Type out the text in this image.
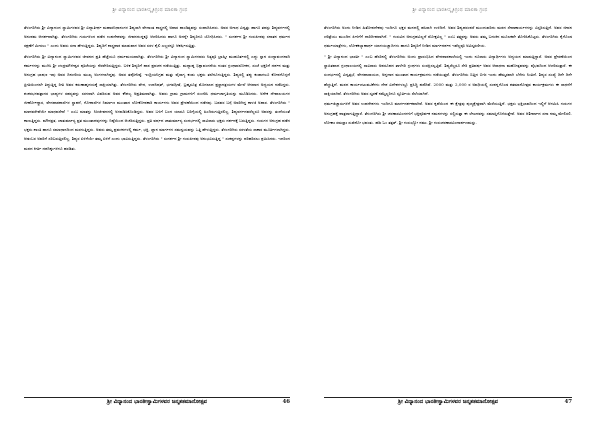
ಶ್ರೀ ವಿದ್ಯಾನಂದ ಭಾರತೀಸ್ಮೃತಿಗ್ರಂಥ ಮಾಲಿಕಾ ಗ್ರಂಥ

ತೆಳಂಗರಿಗಿರು ಶ್ರೀ ವಿದ್ಯಾನಂದ ಸ್ವಾಮಿಗಳವರ ಶ್ರೀ ವಿದ್ಯಾತೀರ್ಥ ಮಹಾಸನಿಧಾನಂಗಳ ಶಿಷ್ಯರಾಗಿ ವೇದಾಂತ ಶಾಸ್ತ್ರದಲ್ಲಿ ಅಪಾರ ಪಾಂಡಿತ್ಯವನ್ನು ಸಂಪಾದಿಸಿದರು. ಅವರ ಅಗಾಧ ವಿದ್ವತ್ತು ಹಾಗೂ ತಪಸ್ಸು ಶಿಷ್ಯವರ್ಗದಲ್ಲಿ ಅನುಪಮ ಆದರ್ಶವಾಗಿತ್ತು. ತೆಳಂಗರಿಗಿರು ಗುರುಗಳಿಂದ ಪಡೆದ ಉಪದೇಶವನ್ನು ಜೀವನದುದ್ದಕ್ಕೂ ಆಚರಿಸಿದರು ಹಾಗೂ ಅದನ್ನೇ ಶಿಷ್ಯರಿಗೂ ಬೋಧಿಸಿದರು. " ಸುದರ್ಶನ ಶ್ರೀ ಗುರುಪೀಠವು ಸನಾತನ ಧರ್ಮದ ರಕ್ಷಣೆಗೆ ಮೀಸಲು " ಎಂದು ಅವರು ಸದಾ ಹೇಳುತ್ತಿದ್ದರು. ಶಿಷ್ಯರಿಗೆ ಶಾಸ್ತ್ರಪಾಠ ಮಾಡುವಾಗ ಅವರ ಸರಳ ಶೈಲಿ ಎಲ್ಲರನ್ನೂ ಆಕರ್ಷಿಸುತ್ತಿತ್ತು.

ತೆಳಂಗರಿಗಿರು ಶ್ರೀ ವಿದ್ಯಾನಂದ ಸ್ವಾಮಿಗಳವರ ಜೀವನದ ಪ್ರತಿ ಹೆಜ್ಜೆಯೂ ಧರ್ಮಮಯವಾಗಿತ್ತು. ತೆಳಂಗರಿಗಿರು ಶ್ರೀ ವಿದ್ಯಾನಂದ ಸ್ವಾಮಿಗಳವರು ನಿತ್ಯವೂ ಬ್ರಾಹ್ಮೀ ಮುಹೂರ್ತದಲ್ಲಿ ಎದ್ದು ಸ್ನಾನ ಸಂಧ್ಯಾವಂದನಾದಿ ಕರ್ಮಗಳನ್ನು ಮುಗಿಸಿ ಶ್ರೀ ಚಂದ್ರಮೌಳೀಶ್ವರ ಪೂಜೆಯನ್ನು ನೆರವೇರಿಸುತ್ತಿದ್ದರು. ಬಳಿಕ ಶಿಷ್ಯರಿಗೆ ಪಾಠ ಪ್ರವಚನ ನಡೆಯುತ್ತಿತ್ತು. ಮಧ್ಯಾಹ್ನ ಭಿಕ್ಷಾವಂದನೆಯ ನಂತರ ಗ್ರಂಥಾವಲೋಕನ, ಸಂಜೆ ಭಕ್ತರಿಗೆ ದರ್ಶನ ಮತ್ತು ಅನುಗ್ರಹ ಭಾಷಣ ಇವು ಅವರ ದಿನಚರಿಯ ಮುಖ್ಯ ಅಂಗಗಳಾಗಿದ್ದವು. ಅವರ ತಪೋನಿಷ್ಠೆ, ಇಂದ್ರಿಯನಿಗ್ರಹ ಮತ್ತು ವೈರಾಗ್ಯ ಕಂಡು ಭಕ್ತರು ತಲೆದೂಗುತ್ತಿದ್ದರು. ಶಿಷ್ಯರಲ್ಲಿ ತಪ್ಪು ಕಂಡಾಗಲೂ ಕೋಪಗೊಳ್ಳದೆ ಪ್ರೀತಿಯಿಂದಲೇ ತಿದ್ದುತ್ತಿದ್ದ ರೀತಿ ಅವರ ಕರುಣಾಹೃದಯಕ್ಕೆ ಸಾಕ್ಷಿಯಾಗಿತ್ತು. ತೆಳಂಗರಿಗಿರು ವೇದ, ಉಪನಿಷತ್, ಭಗವದ್ಗೀತೆ, ಬ್ರಹ್ಮಸೂತ್ರ ಮೊದಲಾದ ಪ್ರಸ್ಥಾನತ್ರಯಗಳ ಮೇಲೆ ಆಳವಾದ ಅಧ್ಯಯನ ನಡೆಸಿದ್ದರು. ಶಂಕರಭಗವತ್ಪಾದರ ಭಾಷ್ಯಗಳ ರಹಸ್ಯವನ್ನು ಸರಳವಾಗಿ ವಿವರಿಸುವ ಅವರ ಕೌಶಲ್ಯ ಅಪ್ರತಿಮವಾಗಿತ್ತು. ಅವರು ಗ್ರಾಮ ಗ್ರಾಮಗಳಿಗೆ ಸಂಚರಿಸಿ ಧರ್ಮಜಾಗೃತಿಯನ್ನು ಮೂಡಿಸಿದರು. ಅನೇಕ ದೇವಾಲಯಗಳ ಜೀರ್ಣೋದ್ಧಾರ, ವೇದಪಾಠಶಾಲೆಗಳ ಸ್ಥಾಪನೆ, ಗೋಶಾಲೆಗಳ ನಿರ್ಮಾಣ ಮುಂತಾದ ಲೋಕೋಪಕಾರಿ ಕಾರ್ಯಗಳು ಅವರ ಪ್ರೇರಣೆಯಿಂದ ನಡೆದವು. ಬಡವರ ಬಗ್ಗೆ ಅವರಿಗಿದ್ದ ಕಾಳಜಿ ಅಪಾರ. ತೆಳಂಗರಿಗಿರು " ಮಾನವಸೇವೆಯೇ ಮಾಧವಸೇವೆ " ಎಂಬ ಮಾತನ್ನು ನಿಜಜೀವನದಲ್ಲಿ ಅಳವಡಿಸಿಕೊಂಡಿದ್ದರು. ಅವರ ಬಳಿಗೆ ಬಂದ ಯಾರೂ ಬರಿಗೈಯಲ್ಲಿ ಹಿಂದಿರುಗುತ್ತಿರಲಿಲ್ಲ. ಶಿಷ್ಯವರ್ಗದವರೆಲ್ಲರೂ ಅವರನ್ನು ತಂದೆಯಂತೆ ಕಾಣುತ್ತಿದ್ದರು. ಮೌನವ್ರತ, ಚಾತುರ್ಮಾಸ್ಯ ವ್ರತ ಮುಂತಾದವುಗಳನ್ನು ನಿಷ್ಠೆಯಿಂದ ಆಚರಿಸುತ್ತಿದ್ದರು. ಪ್ರತಿ ವರ್ಷದ ಚಾತುರ್ಮಾಸ್ಯ ಸಂದರ್ಭದಲ್ಲಿ ಸಾವಿರಾರು ಭಕ್ತರು ದರ್ಶನಕ್ಕೆ ಬರುತ್ತಿದ್ದರು. ಗುರುಗಳ ಅನುಗ್ರಹ ಪಡೆದ ಭಕ್ತರು ಶಾಂತಿ ಹಾಗೂ ಸಮಾಧಾನದಿಂದ ಮರಳುತ್ತಿದ್ದರು. ಅವರು ತಮ್ಮ ಪ್ರವಚನಗಳಲ್ಲಿ ಕರ್ಮ, ಭಕ್ತಿ, ಜ್ಞಾನ ಮಾರ್ಗಗಳ ಸಮನ್ವಯವನ್ನು ಒತ್ತಿ ಹೇಳುತ್ತಿದ್ದರು. ತೆಳಂಗರಿಗಿರು ಸರಳತೆಯ ಸಾಕಾರ ಮೂರ್ತಿಗಳಾಗಿದ್ದರು. ಆಡಂಬರ ಅವರಿಗೆ ಸರಿಬರುತ್ತಿರಲಿಲ್ಲ. ಶಿಷ್ಯರ ಏಳಿಗೆಯೇ ತಮ್ಮ ಏಳಿಗೆ ಎಂದು ಭಾವಿಸುತ್ತಿದ್ದರು. ತೆಳಂಗರಿಗಿರು " ಸುದರ್ಶನ ಶ್ರೀ ಗುರುಪೀಠವು ಅನುಭವಿಸುತ್ತಿದ್ದ " ಸಂಕಷ್ಟಗಳನ್ನು ಪರಿಹರಿಸಲು ಶ್ರಮಿಸಿದರು. ಇದರಿಂದ ಮಠದ ಕೀರ್ತಿ ದಶದಿಕ್ಕುಗಳಿಗೂ ಹರಡಿತು.

ಶ್ರೀ ವಿದ್ಯಾನಂದ ಭಾರತೀಸ್ವಾಮಿಗಳವರ ಜನ್ಮಶತಮಾನೋತ್ಸವ	46
ಶ್ರೀ ವಿದ್ಯಾನಂದ ಭಾರತೀಸ್ಮೃತಿಗ್ರಂಥ ಮಾಲಿಕಾ ಗ್ರಂಥ

ತೆಳಂಗರಿಗಿರು ಅಂದು ನೀಡಿದ ಹಿತೋಪದೇಶವು ಇಂದಿಗೂ ಭಕ್ತರ ಮನದಲ್ಲಿ ಹಸಿರಾಗಿ ಉಳಿದಿದೆ. ಅವರ ಶಿಷ್ಯಪರಂಪರೆ ಮುಂದುವರಿದು ಮಠದ ಸೇವಾಕಾರ್ಯಗಳನ್ನು ವಿಸ್ತರಿಸುತ್ತಿದೆ. ಅವರ ಜೀವನ ಚರಿತ್ರೆಯು ಮುಂದಿನ ಪೀಳಿಗೆಗೆ ದಾರಿದೀಪವಾಗಿದೆ. " ಗುರುವಿನ ಅನುಗ್ರಹವಿಲ್ಲದೆ ಮೋಕ್ಷವಿಲ್ಲ " ಎಂಬ ತತ್ತ್ವವನ್ನು ಅವರು ತಮ್ಮ ಬದುಕಿನ ಮೂಲಕವೇ ತೋರಿಸಿಕೊಟ್ಟರು. ತೆಳಂಗರಿಗಿರು ಕೈಗೊಂಡ ಧರ್ಮಯಾತ್ರೆಗಳು, ಲೋಕಕಲ್ಯಾಣಾರ್ಥ ಯಾಗಯಜ್ಞಾದಿಗಳು ಹಾಗೂ ಶಿಷ್ಯರಿಗೆ ನೀಡಿದ ಮಾರ್ಗದರ್ಶನ ಇವೆಲ್ಲವೂ ಅವಿಸ್ಮರಣೀಯ.

" ಶ್ರೀ ವಿದ್ಯಾನಂದ ಭಾರತೀ " ಎಂಬ ಹೆಸರಿನಲ್ಲಿ ತೆಳಂಗರಿಗಿರು ಅಂದು ಪ್ರಾರಂಭಿಸಿದ ವೇದಪಾಠಶಾಲೆಯಲ್ಲಿ ಇಂದು ನೂರಾರು ವಿದ್ಯಾರ್ಥಿಗಳು ಅಧ್ಯಯನ ಮಾಡುತ್ತಿದ್ದಾರೆ. ಅವರ ಪ್ರೇರಣೆಯಿಂದ ಸ್ಥಾಪಿತವಾದ ಗ್ರಂಥಾಲಯದಲ್ಲಿ ಸಾವಿರಾರು ಅಪರೂಪದ ತಾಳೆಗರಿ ಗ್ರಂಥಗಳು ಸಂರಕ್ಷಿಸಲ್ಪಟ್ಟಿವೆ. ಶಿಷ್ಯರೆಲ್ಲರೂ ಸೇರಿ ಪ್ರತಿವರ್ಷ ಅವರ ಆರಾಧನಾ ಮಹೋತ್ಸವವನ್ನು ವೈಭವದಿಂದ ಆಚರಿಸುತ್ತಾರೆ. ಈ ಸಂದರ್ಭದಲ್ಲಿ ವಿದ್ವತ್ಸಭೆ, ವೇದಪಾರಾಯಣ, ಅನ್ನದಾನ ಮುಂತಾದ ಕಾರ್ಯಕ್ರಮಗಳು ನಡೆಯುತ್ತವೆ. ತೆಳಂಗರಿಗಿರು ಬಿತ್ತಿದ ಬೀಜ ಇಂದು ಹೆಮ್ಮರವಾಗಿ ಬೆಳೆದು ನಿಂತಿದೆ. ಶಿಷ್ಯರ ಸಂಖ್ಯೆ ದಿನೇ ದಿನೇ ಹೆಚ್ಚುತ್ತಿದೆ. ಮಠದ ಕಾರ್ಯಚಟುವಟಿಕೆಗಳು ದೇಶ ವಿದೇಶಗಳಲ್ಲೂ ಪ್ರಸಿದ್ಧಿ ಪಡೆದಿವೆ. 2000 ಮತ್ತು 2,000 ರ ಅವಧಿಯಲ್ಲಿ ಸಂಪನ್ನಗೊಂಡ ಶತಮಾನೋತ್ಸವ ಕಾರ್ಯಕ್ರಮಗಳು ಈ ಸಾಧನೆಗೆ ಸಾಕ್ಷಿಯಾಗಿವೆ. ತೆಳಂಗರಿಗಿರು ಅವರ ಸ್ಮರಣೆ ನಮ್ಮೆಲ್ಲರಿಗೂ ಸ್ಫೂರ್ತಿಯ ಸೆಲೆಯಾಗಿದೆ.

ಧರ್ಮಜಿಜ್ಞಾಸುಗಳಿಗೆ ಅವರ ಉಪದೇಶಗಳು ಇಂದಿಗೂ ಮಾರ್ಗದರ್ಶಕವಾಗಿವೆ. ಅವರ ಕೃಪೆಯಿಂದ ಈ ಕ್ಷೇತ್ರವು ಪುಣ್ಯಕ್ಷೇತ್ರವಾಗಿ ಮೆರೆಯುತ್ತಿದೆ. ಭಕ್ತರು ಭಕ್ತಿಭಾವದಿಂದ ಇಲ್ಲಿಗೆ ಆಗಮಿಸಿ ಗುರುಗಳ ಅನುಗ್ರಹಕ್ಕೆ ಪಾತ್ರರಾಗುತ್ತಿದ್ದಾರೆ. ತೆಳಂಗರಿಗಿರು ಶ್ರೀ ಚರಣಾರವಿಂದಗಳಿಗೆ ಭಕ್ತಿಪೂರ್ವಕ ನಮನಗಳನ್ನು ಸಲ್ಲಿಸುತ್ತಾ ಈ ಲೇಖನವನ್ನು ಸಮಾಪ್ತಿಗೊಳಿಸುತ್ತೇವೆ. ಅವರ ಆಶೀರ್ವಾದ ಸದಾ ನಮ್ಮ ಮೇಲಿರಲಿ. ಲೋಕಾಃ ಸಮಸ್ತಾಃ ಸುಖಿನೋ ಭವಂತು. ಹರಿಃ ಓಂ ತತ್ಸತ್. ಶ್ರೀ ಗುರುಭ್ಯೋ ನಮಃ. ಶ್ರೀ ಗುರುಚರಣಾರವಿಂದಾರ್ಪಣಮಸ್ತು.

ಶ್ರೀ ವಿದ್ಯಾನಂದ ಭಾರತೀಸ್ವಾಮಿಗಳವರ ಜನ್ಮಶತಮಾನೋತ್ಸವ	47
